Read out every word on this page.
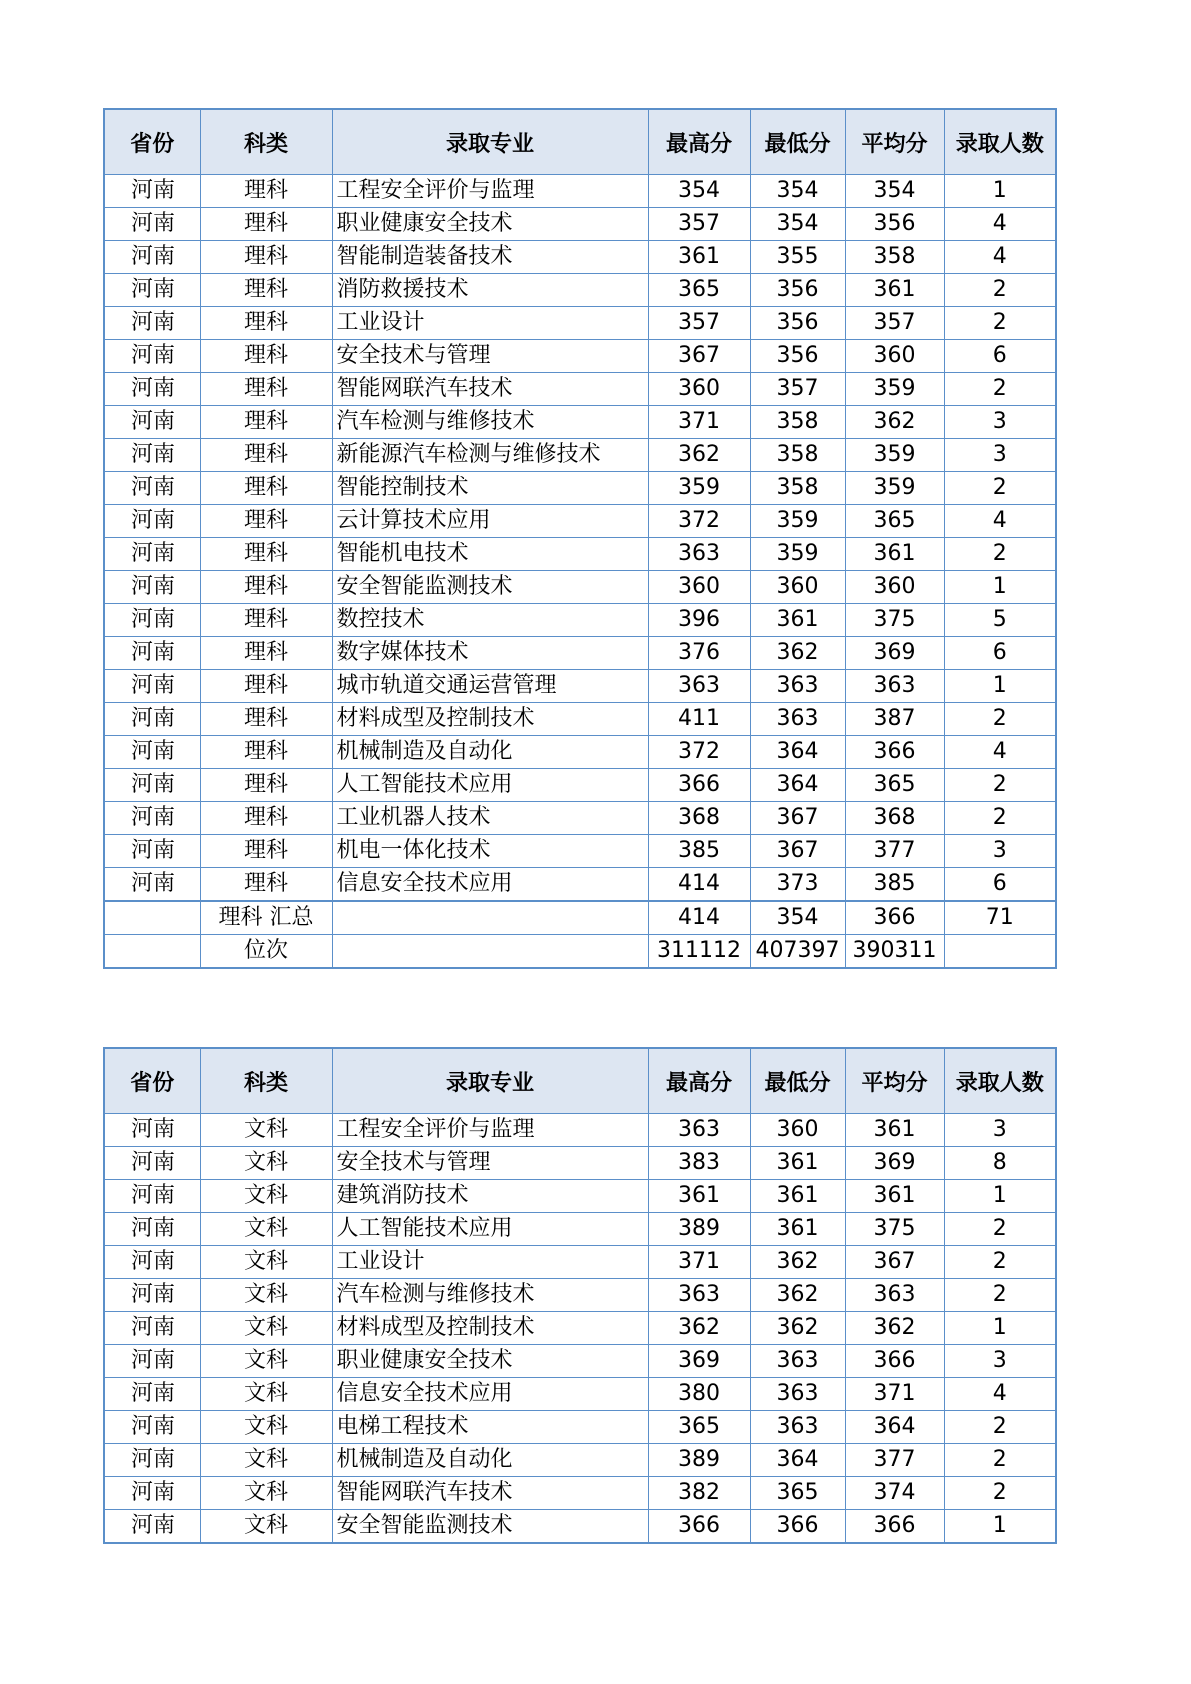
省份	科类	录取专业	最高分	最低分	平均分	录取人数
河南	理科	工程安全评价与监理	354	354	354	1
河南	理科	职业健康安全技术	357	354	356	4
河南	理科	智能制造装备技术	361	355	358	4
河南	理科	消防救援技术	365	356	361	2
河南	理科	工业设计	357	356	357	2
河南	理科	安全技术与管理	367	356	360	6
河南	理科	智能网联汽车技术	360	357	359	2
河南	理科	汽车检测与维修技术	371	358	362	3
河南	理科	新能源汽车检测与维修技术	362	358	359	3
河南	理科	智能控制技术	359	358	359	2
河南	理科	云计算技术应用	372	359	365	4
河南	理科	智能机电技术	363	359	361	2
河南	理科	安全智能监测技术	360	360	360	1
河南	理科	数控技术	396	361	375	5
河南	理科	数字媒体技术	376	362	369	6
河南	理科	城市轨道交通运营管理	363	363	363	1
河南	理科	材料成型及控制技术	411	363	387	2
河南	理科	机械制造及自动化	372	364	366	4
河南	理科	人工智能技术应用	366	364	365	2
河南	理科	工业机器人技术	368	367	368	2
河南	理科	机电一体化技术	385	367	377	3
河南	理科	信息安全技术应用	414	373	385	6
	理科 汇总		414	354	366	71
	位次		311112	407397	390311	
省份	科类	录取专业	最高分	最低分	平均分	录取人数
河南	文科	工程安全评价与监理	363	360	361	3
河南	文科	安全技术与管理	383	361	369	8
河南	文科	建筑消防技术	361	361	361	1
河南	文科	人工智能技术应用	389	361	375	2
河南	文科	工业设计	371	362	367	2
河南	文科	汽车检测与维修技术	363	362	363	2
河南	文科	材料成型及控制技术	362	362	362	1
河南	文科	职业健康安全技术	369	363	366	3
河南	文科	信息安全技术应用	380	363	371	4
河南	文科	电梯工程技术	365	363	364	2
河南	文科	机械制造及自动化	389	364	377	2
河南	文科	智能网联汽车技术	382	365	374	2
河南	文科	安全智能监测技术	366	366	366	1
